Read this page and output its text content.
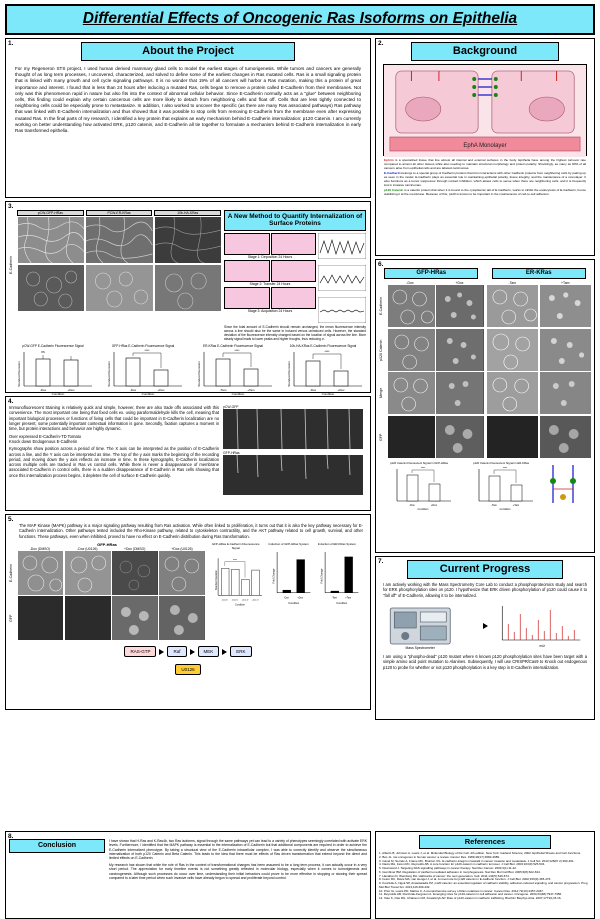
Differential Effects of Oncogenic Ras Isoforms on Epithelia
1.
About the Project
For my Regeneron STS project, I used human derived mammary gland cells to model the earliest stages of tumorigenesis. While tumors and cancers are generally thought of as long term processes, I uncovered, characterized, and solved to define some of the earliest changes in Ras mutated cells. Ras is a small signaling protein that is linked with many growth and cell cycle signaling pathways. It is no wonder that 19% of all cancers will harbor a Ras mutation, making this a protein of great importance and interest. I found that in less than 24 hours after inducing a mutated Ras, cells began to remove a protein called E-Cadherin from their membranes. Not only was this phenomenon rapid in nature but also fits into the context of abnormal cellular behavior. Since E-Cadherin normally acts as a "glue" between neighboring cells, this finding could explain why certain cancerous cells are more likely to detach from neighboring cells and float off. Cells that are less tightly connected to neighboring cells could be especially prone to metastasize. In addition, I also worked to uncover the specific (as there are many Ras associated pathways) Ras pathway that was linked with E-Cadherin internalization and thus showed that it was possible to stop cells from removing E-Cadherin from the membrane even after expressing mutated Ras. In the final parts of my research, I identified a key protein that explains an early mechanism behind E-Cadherin internalization: p120 Catenin. I am currently working on better understanding how activated ERK, p120 catenin, and E-Cadherin all tie together to formulate a mechanism behind E-Cadherin internalization in early Ras transformed epithelia.
3.
pCW-GFP-HRas	PCW-ER-KRas	10b-HA-KRas
E-Cadherin
A New Method to Quantify Internalization of Surface Proteins
Stage 1: Deposition 24 Hours
Stage 2: Transfer 24 Hours
Stage 3: Acquisition 24 Hours
Since the total amount of E-Cadherin should remain unchanged, the mean fluorescence intensity across a line should also be the same in induced versus uninduced cells. However, the standard deviation of the fluorescence intensity changed based on the location of signal across the line. More steady signal leads to lower peaks and higher troughs, thus reducing σ.
pCW-GFP E-Cadherin Fluorescence Signal
ns
-Dox	+Dox
Condition
Standard Deviation
GFP-HRas E-Cadherin Fluorescence Signal
****
-Dox	+Dox
Condition
Standard Deviation
ER-KRas E-Cadherin Fluorescence Signal
****
-Tam	+Tam
Condition
Standard Deviation
10b-HA-KRas E-Cadherin Fluorescence Signal
****
-Dox	+Dox
Condition
Standard Deviation
4.
Immunofluorescent Staining is relatively quick and simple, however, there are also trade offs associated with this convenience. The most important one being that fixed cells ex. using paraformaldehyde kills the cell, meaning that important biological processes or functions of living cells that could be important in E-Cadherin localization are no longer present; some potentially important contextual information is gone. Secondly, fixation captures a moment in time, but protein interactions and behavior are highly dynamic.
Over expressed E-Cadherin-TD Tomato
Knock down Endogenous E-Cadherin
Kymographs show position across a period of time. The X axis can be interpreted as the position of E-Cadherin across a line, and the Y axis can be interpreted as time. The top of the y axis marks the beginning of the recording period, and moving down the y axis reflects an increase in time. In these kymographs, E-Cadherin localization across multiple cells are tracked in Ras vs control cells. While there is never a disappearance of membrane associated E-Cadherin in control cells, there is a sudden disappearance of E-Cadherin in Ras cells showing that once this internalization process begins, it depletes the cell of surface E-Cadherin quickly.
pCW-GFP
GFP-HRas
5.
The MAP Kinase (MAPK) pathway is a major signaling pathway resulting from Ras activation. While often linked to proliferation, it turns out that it is also the key pathway necessary for E-Cadherin internalization. Other pathways tested included the Rho-Kinase pathway, related to cytoskeleton contractility, and the AKT pathway related to cell growth, survival, and other functions. These pathways, even when inhibited, proved to have no effect on E-Cadherin distribution during Ras transformation.
GFP-HRas
-Dox (DMSO)	-Dox (U0126)	+Dox (DMSO)	+Dox (U0126)
E-Cadherin
GFP
GFP-HRas E-Cadherin Fluorescence Signal
****
-Dox D -Dox U +Dox D +Dox U
Condition
Standard Deviation
Induction of GFP-HRas System
-Dox	+Dox
Condition
Fold Change
Induction of ER-KRas System
-Tam	+Tam
Condition
Fold Change
RAS-GTP	Raf	MEK	ERK
U0126
2.
Background
EphA Monolayer
Ephrin is a specialized tissue that line almost all internal and external surfaces in the body. Epithelia have among the highest turnover rate compared to almost all other tissues while also needing to maintain structural morphology and protein polarity. Shockingly, as many as 90% of all cancers arise from epithelial cells and are labeled carcinomas.
E-Cadherin belongs to a special group of Cadherin proteins that form interactions with other Cadherin proteins from neighboring cells by pairing up as seen in the model. E-Cadherin plays an essential role in maintaining epithelial polarity, tissue integrity, and the maintenance of a monolayer. It also functions as a tumor suppressor through contact inhibition, which allows cells to sense when there are neighboring cells, and it is frequently lost in invasive carcinomas.
p120 Catenin is a catenin protein that when it is bound to the cytoplasmic tail of E-Cadherin, works to inhibit the endocytosis of E-Cadherin, hence stabilizing it at the membrane. Because of this, p120 is known to be important in the maintenance of cell-to-cell adhesion.
6.
GFP-HRas	ER-KRas
-Dox	+Dox
E-Cadherin
p120 Catenin
Merge
GFP
-Tam	+Tam
p120 Catenin Fluorescent Signal in GFP-HRas
****
-Dox	+Dox
Condition
p120 Catenin Fluorescent Signal in ER-KRas
****
-Tam	+Tam
Condition
7.
Current Progress
I am actively working with the Mass Spectrometry Core Lab to conduct a phosphoproteomics study and search for ERK phosphorylation sites on p120. I hypothesize that ERK driven phosphorylation of p120 could cause it to "fall off" of E-Cadherin, allowing it to be internalized.
Mass Spectrometer	m/z
I am using a "phospho-dead" p120 mutant where 6 known p120 phosphorylation sites have been target with a simple amino acid point mutation to Alanines. Subsequently, I will use CRISPR/Cas9 to Knock out endogenous p120 to probe for whether or not p120 phosphorylation is a key step in E-Cadherin internalization.
8.
Conclusion
I have shown that H-Ras and K-Ras4b, two Ras isoforms, signal through the same pathways yet can lead to a variety of phenotypes seemingly correlated with activate ERK levels. Furthermore, I identified that the MAPK pathway is essential to the internalization of E-Cadherin but that additional components are required in order to achieve the E-Cadherin internalized phenotype. By taking a structural view of the E-Cadherin intracellular complex, I was able to correctly identify and observe the simultaneous internalization of both p120 Catenin and Beta Catenin. This leads to the idea that there must be effects of Ras driven transformation that extend beyond the direct and limited effects on E-Cadherin.
My research has shown that while the role of Ras in the context of transformational changes has been assumed to be a long term process, it can actually occur in a very short period. The appreciation for early timeline events is not something greatly reflected in molecular biology, especially when it comes to tumorigenesis and carcinogenesis. Although such processes do occur over time, understanding their initial behaviors could prove to be more effective in stopping or slowing their spread compared to a later time period when such invasive cells have already begun to spread and proliferate beyond control.
References
1. Alberts B, Johnson A, Lewis J, et al. Molecular Biology of the Cell. 4th edition. New York: Garland Science; 2002. Epithelial Sheets and Cell Junctions.
2. Bos JL. ras oncogenes in human cancer: a review. Cancer Res. 1989;49(17):4682-4689.
3. Canel M, Serrels A, Frame MC, Brunton VG. E-cadherin-integrin crosstalk in cancer invasion and metastasis. J Cell Sci. 2013;126(Pt 2):393-401.
4. Davis MA, Ireton RC, Reynolds AB. A core function for p120-catenin in cadherin turnover. J Cell Biol. 2003;163(3):525-534.
5. Downward J. Targeting RAS signalling pathways in cancer therapy. Nat Rev Cancer. 2003;3(1):11-22.
6. Gumbiner BM. Regulation of cadherin-mediated adhesion in morphogenesis. Nat Rev Mol Cell Biol. 2005;6(8):622-634.
7. Hanahan D, Weinberg RA. Hallmarks of cancer: the next generation. Cell. 2011;144(5):646-674.
8. Ireton RC, Davis MA, van Hengel J, et al. A novel role for p120 catenin in E-cadherin function. J Cell Biol. 2002;159(3):465-476.
9. Kourtidis A, Ngok SP, Anastasiadis PZ. p120 catenin: an essential regulator of cadherin stability, adhesion-induced signaling, and cancer progression. Prog Mol Biol Transl Sci. 2013;116:409-432.
10. Prior IA, Lewis PD, Mattos C. A comprehensive survey of Ras mutations in cancer. Cancer Res. 2012;72(10):2457-2467.
11. Reynolds AB, Roczniak-Ferguson A. Emerging roles for p120-catenin in cell adhesion and cancer. Oncogene. 2004;23(48):7947-7956.
12. Xiao K, Oas RG, Chiasson CM, Kowalczyk AP. Role of p120-catenin in cadherin trafficking. Biochim Biophys Acta. 2007;1773(1):8-16.
